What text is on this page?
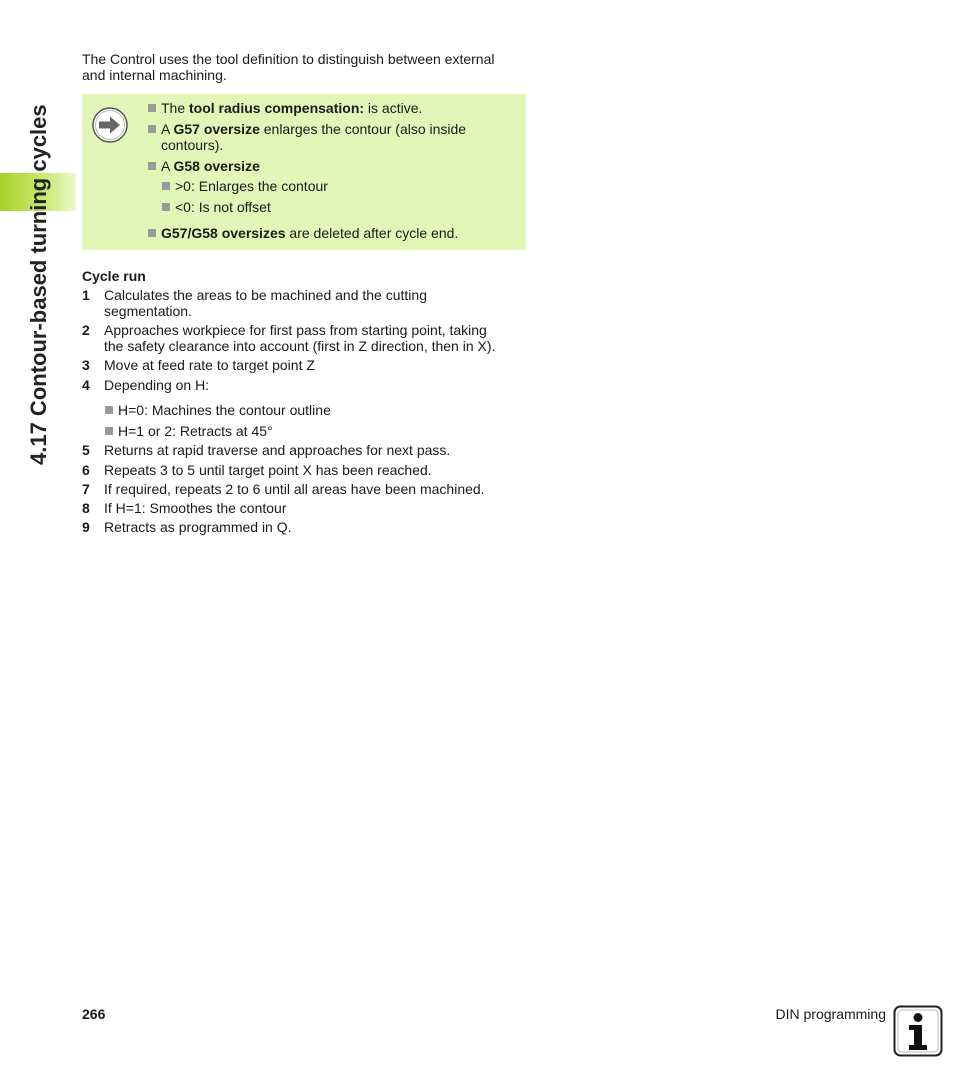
4.17 Contour-based turning cycles

The Control uses the tool definition to distinguish between external

and internal machining.

The tool radius compensation: is active.
A G57 oversize enlarges the contour (also inside
contours).
A G58 oversize
>0: Enlarges the contour
<0: Is not offset
G57/G58 oversizes are deleted after cycle end.
Cycle run
1 Calculates the areas to be machined and the cutting
segmentation.
2 Approaches workpiece for first pass from starting point, taking
the safety clearance into account (first in Z direction, then in X).
3 Move at feed rate to target point Z
4 Depending on H:
H=0: Machines the contour outline
H=1 or 2: Retracts at 45°
5 Returns at rapid traverse and approaches for next pass.
6 Repeats 3 to 5 until target point X has been reached.
7 If required, repeats 2 to 6 until all areas have been machined.
8 If H=1: Smoothes the contour
9 Retracts as programmed in Q.
266	DIN programming
